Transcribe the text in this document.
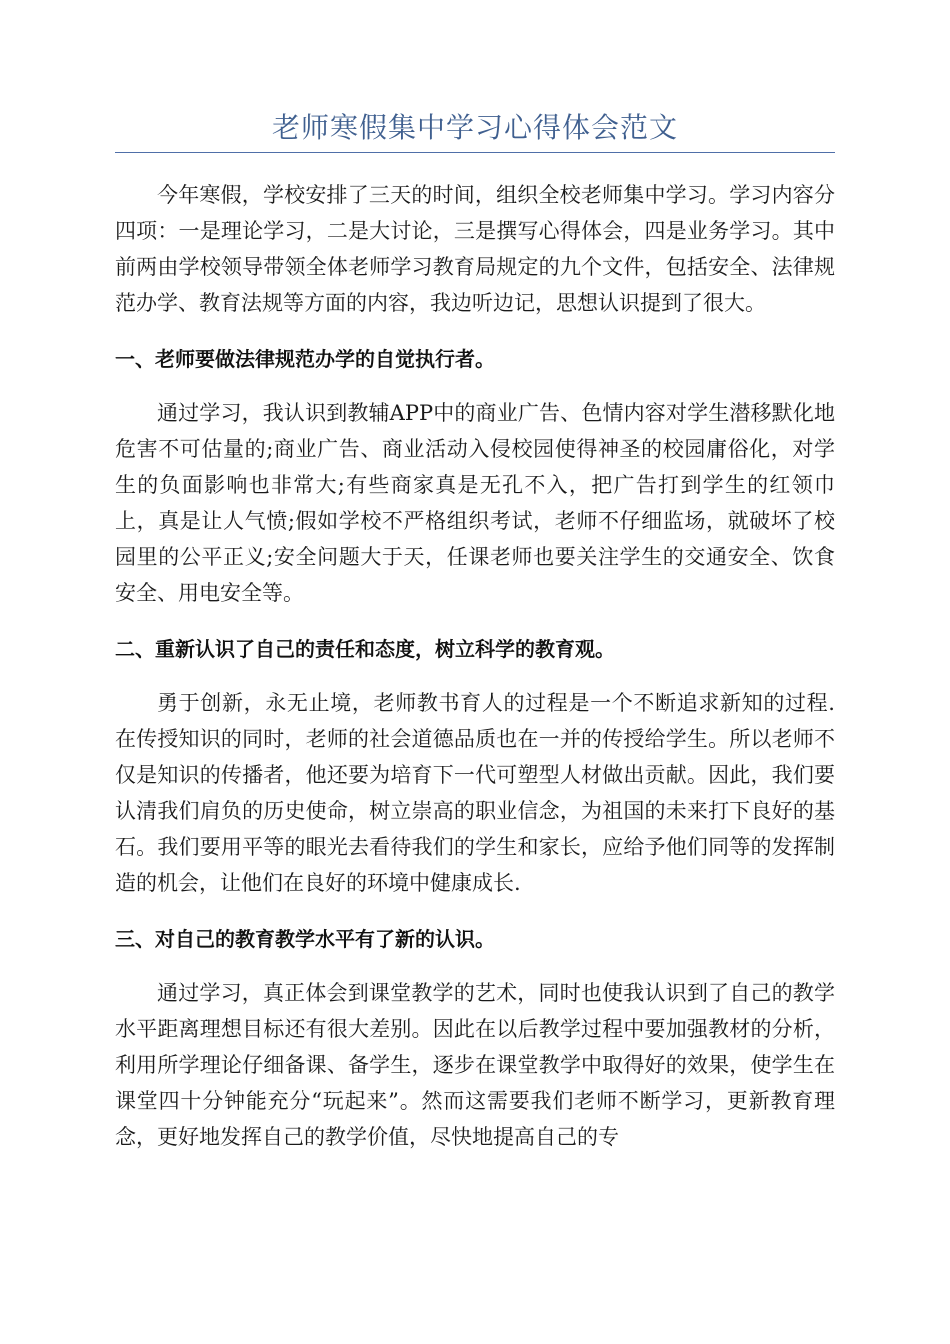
老师寒假集中学习心得体会范文

今年寒假，学校安排了三天的时间，组织全校老师集中学习。学习内容分四项：一是理论学习，二是大讨论，三是撰写心得体会，四是业务学习。其中前两由学校领导带领全体老师学习教育局规定的九个文件，包括安全、法律规范办学、教育法规等方面的内容，我边听边记，思想认识提到了很大。

一、老师要做法律规范办学的自觉执行者。

通过学习，我认识到教辅APP中的商业广告、色情内容对学生潜移默化地危害不可估量的;商业广告、商业活动入侵校园使得神圣的校园庸俗化，对学生的负面影响也非常大;有些商家真是无孔不入，把广告打到学生的红领巾上，真是让人气愤;假如学校不严格组织考试，老师不仔细监场，就破坏了校园里的公平正义;安全问题大于天，任课老师也要关注学生的交通安全、饮食安全、用电安全等。

二、重新认识了自己的责任和态度，树立科学的教育观。

勇于创新，永无止境，老师教书育人的过程是一个不断追求新知的过程.在传授知识的同时，老师的社会道德品质也在一并的传授给学生。所以老师不仅是知识的传播者，他还要为培育下一代可塑型人材做出贡献。因此，我们要认清我们肩负的历史使命，树立崇高的职业信念，为祖国的未来打下良好的基石。我们要用平等的眼光去看待我们的学生和家长，应给予他们同等的发挥制造的机会，让他们在良好的环境中健康成长.

三、对自己的教育教学水平有了新的认识。

通过学习，真正体会到课堂教学的艺术，同时也使我认识到了自己的教学水平距离理想目标还有很大差别。因此在以后教学过程中要加强教材的分析，利用所学理论仔细备课、备学生，逐步在课堂教学中取得好的效果，使学生在课堂四十分钟能充分“玩起来”。然而这需要我们老师不断学习，更新教育理念，更好地发挥自己的教学价值，尽快地提高自己的专
